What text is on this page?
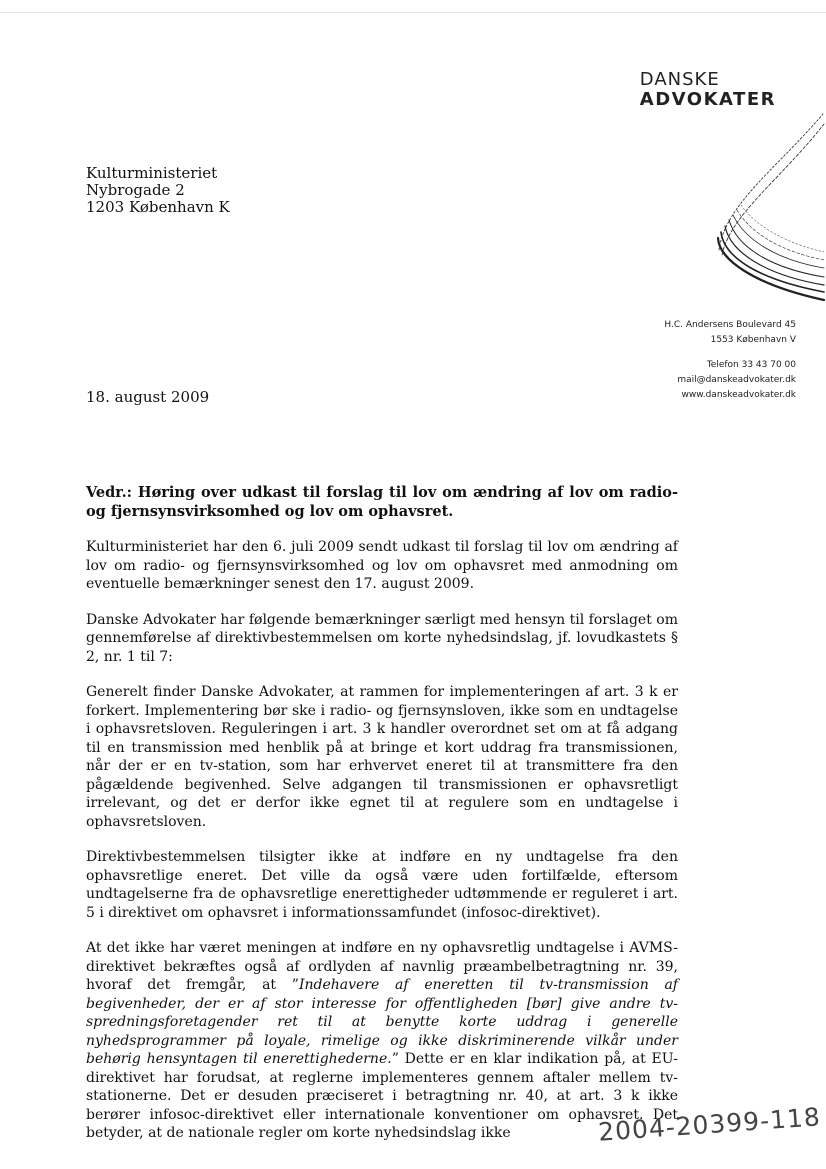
DANSKE
ADVOKATER
Kulturministeriet
Nybrogade 2
1203 København K
H.C. Andersens Boulevard 45
1553 København V
Telefon 33 43 70 00
mail@danskeadvokater.dk
www.danskeadvokater.dk
18. august 2009
Vedr.: Høring over udkast til forslag til lov om ændring af lov om radio- og fjernsynsvirksomhed og lov om ophavsret.

Kulturministeriet har den 6. juli 2009 sendt udkast til forslag til lov om ændring af lov om radio- og fjernsynsvirksomhed og lov om ophavsret med anmodning om eventuelle bemærkninger senest den 17. august 2009.

Danske Advokater har følgende bemærkninger særligt med hensyn til forslaget om gennemførelse af direktivbestemmelsen om korte nyhedsindslag, jf. lovudkastets § 2, nr. 1 til 7:

Generelt finder Danske Advokater, at rammen for implementeringen af art. 3 k er forkert. Implementering bør ske i radio- og fjernsynsloven, ikke som en undtagelse i ophavsretsloven. Reguleringen i art. 3 k handler overordnet set om at få adgang til en transmission med henblik på at bringe et kort uddrag fra transmissionen, når der er en tv-station, som har erhvervet eneret til at transmittere fra den pågældende begivenhed. Selve adgangen til transmissionen er ophavsretligt irrelevant, og det er derfor ikke egnet til at regulere som en undtagelse i ophavsretsloven.

Direktivbestemmelsen tilsigter ikke at indføre en ny undtagelse fra den ophavsretlige eneret. Det ville da også være uden fortilfælde, eftersom undtagelserne fra de ophavsretlige enerettigheder udtømmende er reguleret i art. 5 i direktivet om ophavsret i informationssamfundet (infosoc-direktivet).

At det ikke har været meningen at indføre en ny ophavsretlig undtagelse i AVMS-direktivet bekræftes også af ordlyden af navnlig præambelbetragtning nr. 39, hvoraf det fremgår, at ”Indehavere af eneretten til tv-transmission af begivenheder, der er af stor interesse for offentligheden [bør] give andre tv-spredningsforetagender ret til at benytte korte uddrag i generelle nyhedsprogrammer på loyale, rimelige og ikke diskriminerende vilkår under behørig hensyntagen til enerettighederne.” Dette er en klar indikation på, at EU-direktivet har forudsat, at reglerne implementeres gennem aftaler mellem tv-stationerne. Det er desuden præciseret i betragtning nr. 40, at art. 3 k ikke berører infosoc-direktivet eller internationale konventioner om ophavsret. Det betyder, at de nationale regler om korte nyhedsindslag ikke	2004-20399-118
